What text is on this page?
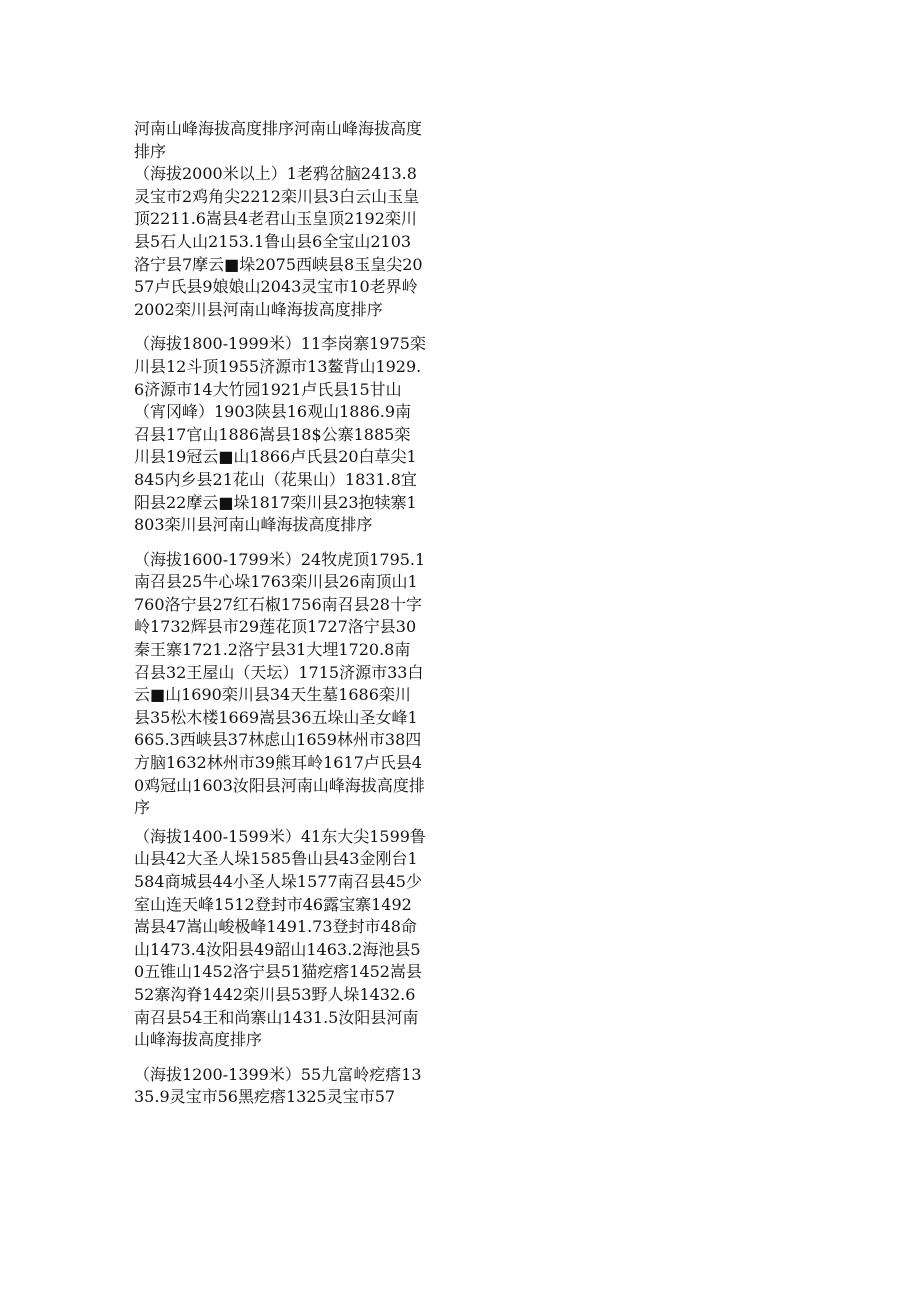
河南山峰海拔高度排序河南山峰海拔高度排序

（海拔2000米以上）1老鸦岔脑2413.8灵宝市2鸡角尖2212栾川县3白云山玉皇顶2211.6嵩县4老君山玉皇顶2192栾川县5石人山2153.1鲁山县6全宝山2103洛宁县7摩云■垛2075西峡县8玉皇尖2057卢氏县9娘娘山2043灵宝市10老界岭2002栾川县河南山峰海拔高度排序

（海拔1800-1999米）11李岗寨1975栾川县12斗顶1955济源市13鳌背山1929.6济源市14大竹园1921卢氏县15甘山（宵冈峰）1903陕县16观山1886.9南召县17官山1886嵩县18$公寨1885栾川县19冠云■山1866卢氏县20白草尖1845内乡县21花山（花果山）1831.8宜阳县22摩云■垛1817栾川县23抱犊寨1803栾川县河南山峰海拔高度排序

（海拔1600-1799米）24牧虎顶1795.1南召县25牛心垛1763栾川县26南顶山1760洛宁县27红石椒1756南召县28十字岭1732辉县市29莲花顶1727洛宁县30秦王寨1721.2洛宁县31大埋1720.8南召县32王屋山（天坛）1715济源市33白云■山1690栾川县34天生墓1686栾川县35松木楼1669嵩县36五垛山圣女峰1665.3西峡县37林虑山1659林州市38四方脑1632林州市39熊耳岭1617卢氏县40鸡冠山1603汝阳县河南山峰海拔高度排序

（海拔1400-1599米）41东大尖1599鲁山县42大圣人垛1585鲁山县43金刚台1584商城县44小圣人垛1577南召县45少室山连天峰1512登封市46露宝寨1492嵩县47嵩山峻极峰1491.73登封市48命山1473.4汝阳县49韶山1463.2海池县50五锥山1452洛宁县51猫疙瘩1452嵩县52寨沟脊1442栾川县53野人垛1432.6南召县54王和尚寨山1431.5汝阳县河南山峰海拔高度排序

（海拔1200-1399米）55九富岭疙瘩1335.9灵宝市56黑疙瘩1325灵宝市57
